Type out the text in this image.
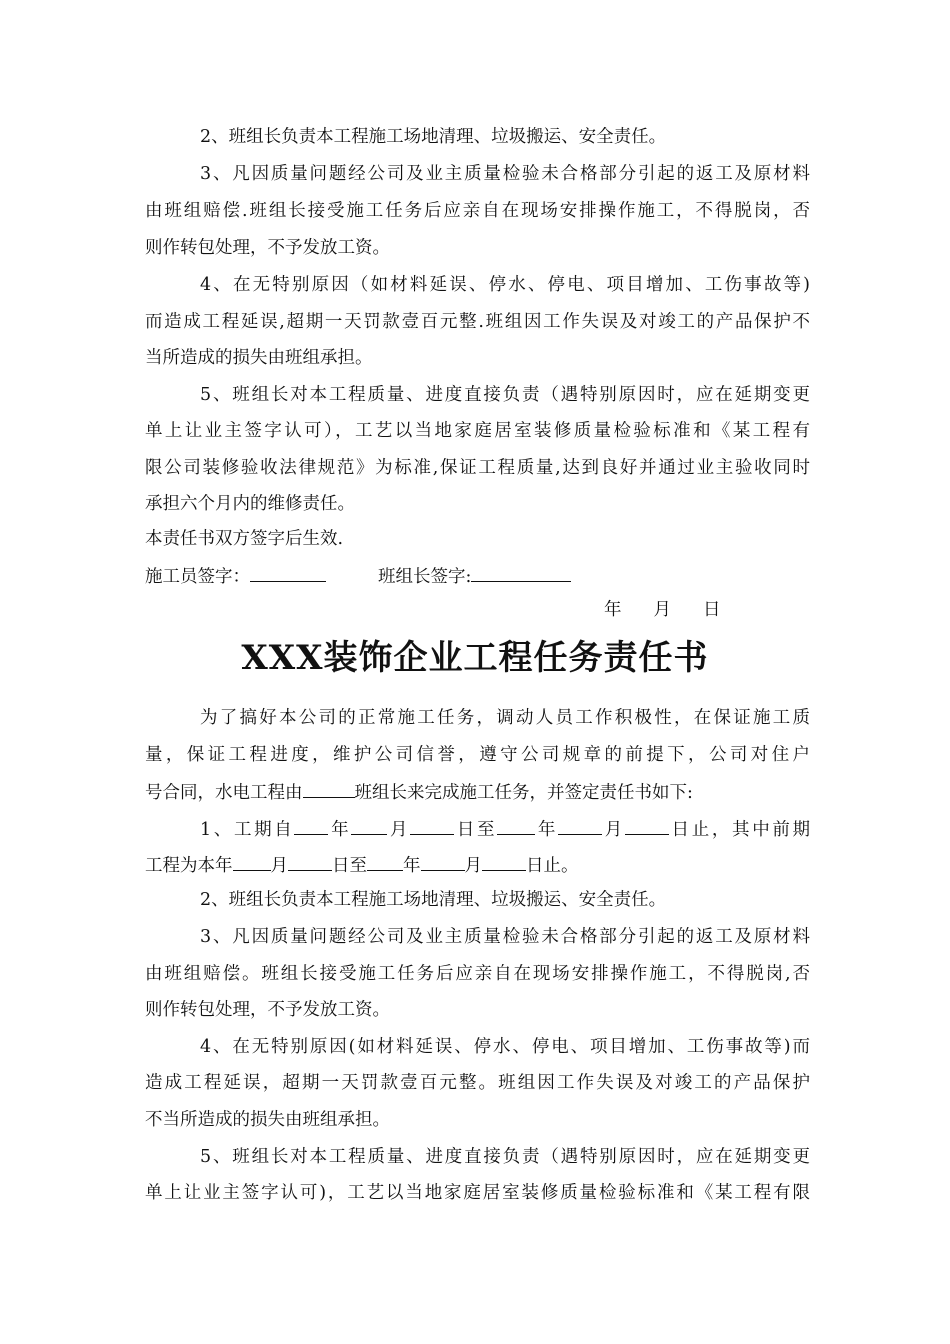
2、班组长负责本工程施工场地清理、垃圾搬运、安全责任。
3、凡因质量问题经公司及业主质量检验未合格部分引起的返工及原材料
由班组赔偿.班组长接受施工任务后应亲自在现场安排操作施工，不得脱岗，否
则作转包处理，不予发放工资。
4、在无特别原因（如材料延误、停水、停电、项目增加、工伤事故等)
而造成工程延误,超期一天罚款壹百元整.班组因工作失误及对竣工的产品保护不
当所造成的损失由班组承担。
5、班组长对本工程质量、进度直接负责（遇特别原因时，应在延期变更
单上让业主签字认可），工艺以当地家庭居室装修质量检验标准和《某工程有
限公司装修验收法律规范》为标准,保证工程质量,达到良好并通过业主验收同时
承担六个月内的维修责任。
本责任书双方签字后生效.
施工员签字：	班组长签字:
年 月 日
XXX装饰企业工程任务责任书
为了搞好本公司的正常施工任务，调动人员工作积极性，在保证施工质
量，保证工程进度，维护公司信誉，遵守公司规章的前提下，公司对住户
号合同，水电工程由	班组长来完成施工任务，并签定责任书如下:
1、工期自 年 月	日至 年	月	日止，其中前期
工程为本年 月	日至 年	月	日止。
2、班组长负责本工程施工场地清理、垃圾搬运、安全责任。
3、凡因质量问题经公司及业主质量检验未合格部分引起的返工及原材料
由班组赔偿。班组长接受施工任务后应亲自在现场安排操作施工，不得脱岗,否
则作转包处理，不予发放工资。
4、在无特别原因(如材料延误、停水、停电、项目增加、工伤事故等)而
造成工程延误，超期一天罚款壹百元整。班组因工作失误及对竣工的产品保护
不当所造成的损失由班组承担。
5、班组长对本工程质量、进度直接负责（遇特别原因时，应在延期变更
单上让业主签字认可)，工艺以当地家庭居室装修质量检验标准和《某工程有限
